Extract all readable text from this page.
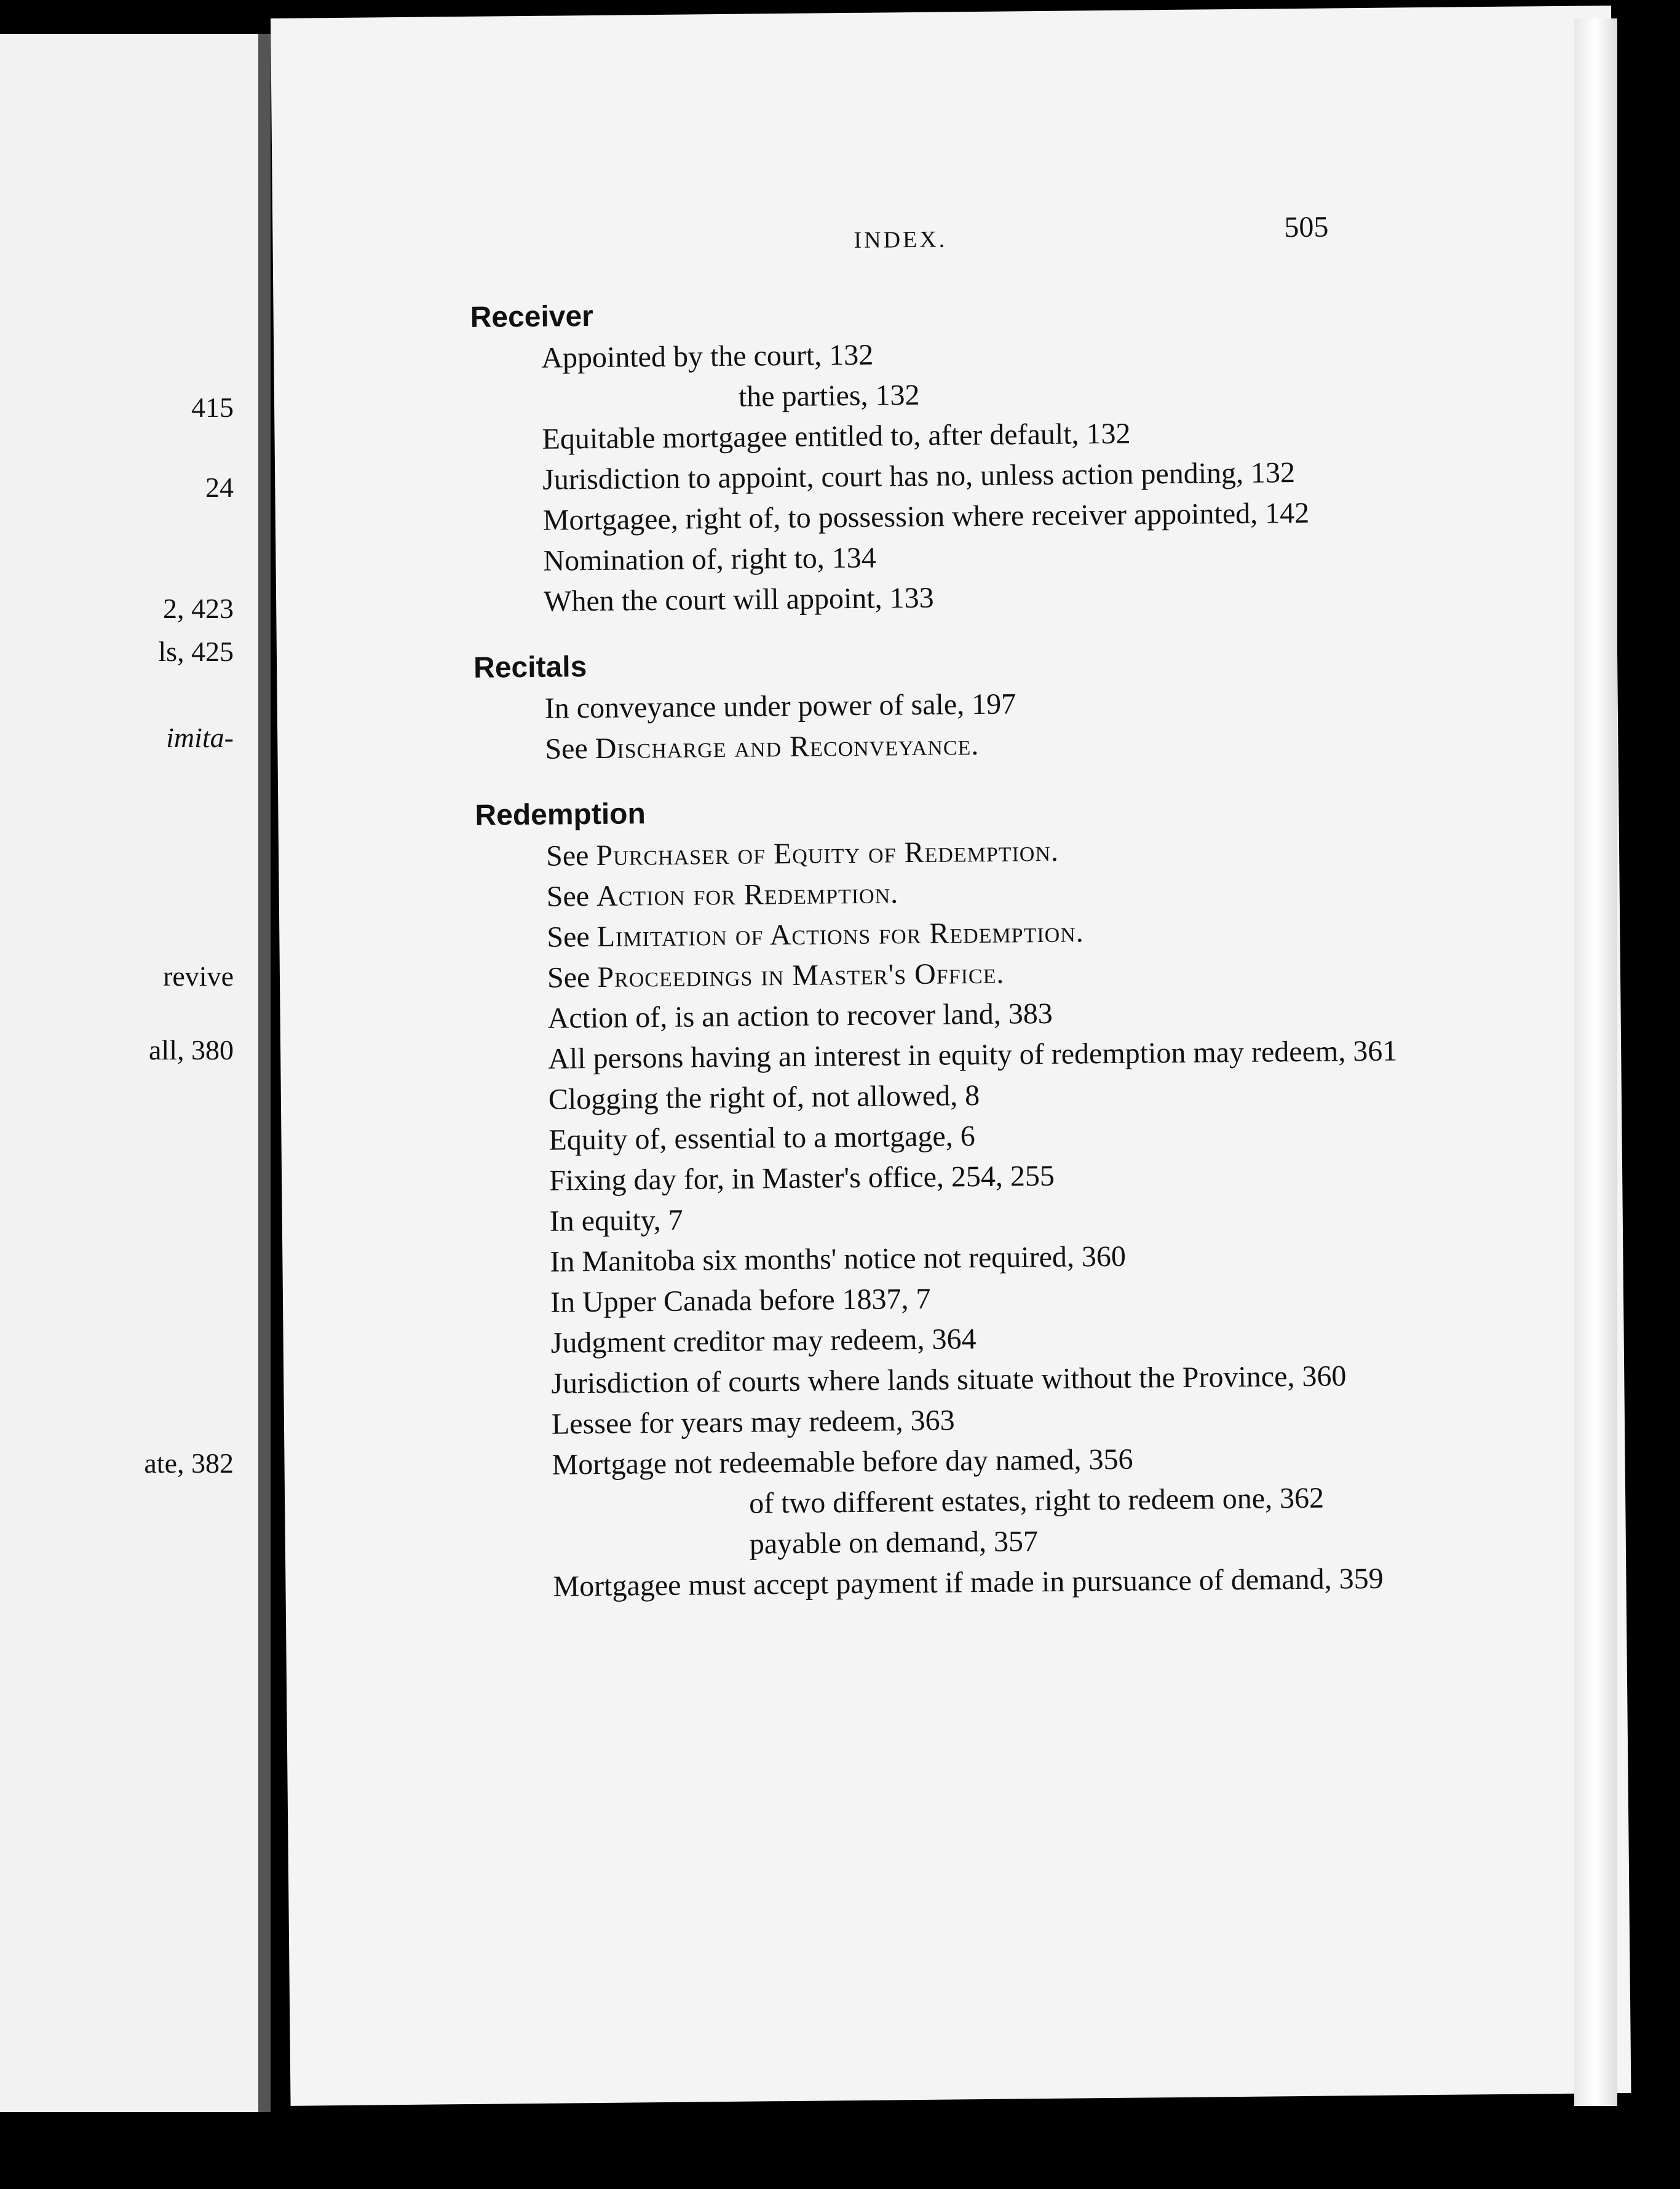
415
24
2, 423
ls, 425
imita-
revive
all, 380
ate, 382
INDEX.	505
Receiver
Appointed by the court, 132
the parties, 132
Equitable mortgagee entitled to, after default, 132
Jurisdiction to appoint, court has no, unless action pending, 132
Mortgagee, right of, to possession where receiver appointed, 142
Nomination of, right to, 134
When the court will appoint, 133
Recitals
In conveyance under power of sale, 197
See Discharge and Reconveyance.
Redemption
See Purchaser of Equity of Redemption.
See Action for Redemption.
See Limitation of Actions for Redemption.
See Proceedings in Master's Office.
Action of, is an action to recover land, 383
All persons having an interest in equity of redemption may redeem, 361
Clogging the right of, not allowed, 8
Equity of, essential to a mortgage, 6
Fixing day for, in Master's office, 254, 255
In equity, 7
In Manitoba six months' notice not required, 360
In Upper Canada before 1837, 7
Judgment creditor may redeem, 364
Jurisdiction of courts where lands situate without the Province, 360
Lessee for years may redeem, 363
Mortgage not redeemable before day named, 356
of two different estates, right to redeem one, 362
payable on demand, 357
Mortgagee must accept payment if made in pursuance of demand, 359
